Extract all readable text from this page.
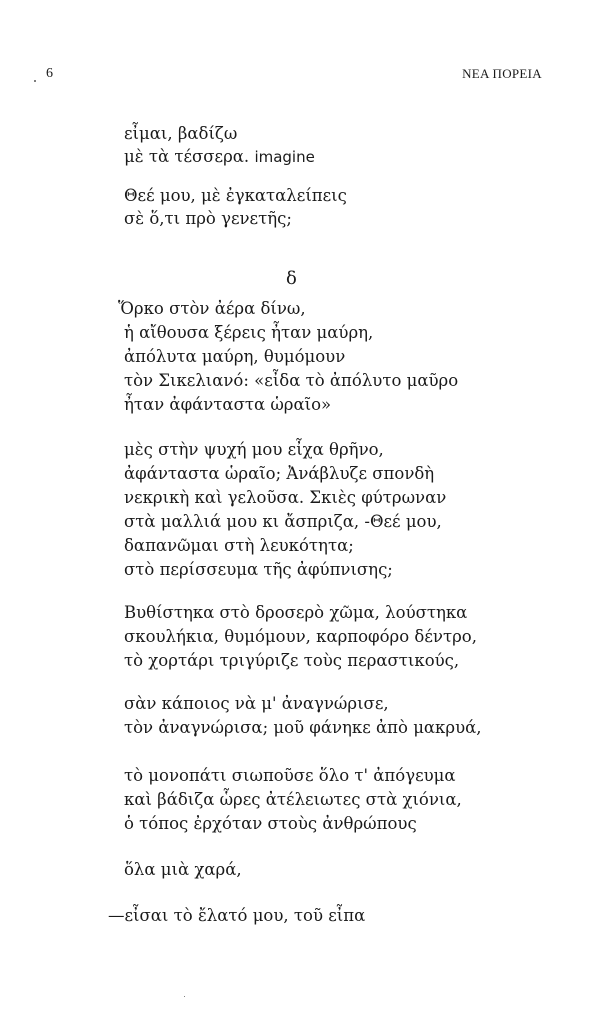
6	ΝΕΑ ΠΟΡΕΙΑ
εἶμαι, βαδίζω
μὲ τὰ τέσσερα. imagine
Θεέ μου, μὲ ἐγκαταλείπεις
σὲ ὅ,τι πρὸ γενετῆς;
δ
Ὅρκο στὸν ἀέρα δίνω,
ἡ αἴθουσα ξέρεις ἦταν μαύρη,
ἀπόλυτα μαύρη, θυμόμουν
τὸν Σικελιανό: «εἶδα τὸ ἀπόλυτο μαῦρο
ἦταν ἀφάνταστα ὡραῖο»
μὲς στὴν ψυχή μου εἶχα θρῆνο,
ἀφάνταστα ὡραῖο; Ἀνάβλυζε σπονδὴ
νεκρικὴ καὶ γελοῦσα. Σκιὲς φύτρωναν
στὰ μαλλιά μου κι ἄσπριζα, -Θεέ μου,
δαπανῶμαι στὴ λευκότητα;
στὸ περίσσευμα τῆς ἀφύπνισης;
Βυθίστηκα στὸ δροσερὸ χῶμα, λούστηκα
σκουλήκια, θυμόμουν, καρποφόρο δέντρο,
τὸ χορτάρι τριγύριζε τοὺς περαστικούς,
σὰν κάποιος νὰ μ' ἀναγνώρισε,
τὸν ἀναγνώρισα; μοῦ φάνηκε ἀπὸ μακρυά,
τὸ μονοπάτι σιωποῦσε ὅλο τ' ἀπόγευμα
καὶ βάδιζα ὧρες ἀτέλειωτες στὰ χιόνια,
ὁ τόπος ἐρχόταν στοὺς ἀνθρώπους
ὅλα μιὰ χαρά,
—εἶσαι τὸ ἔλατό μου, τοῦ εἶπα
